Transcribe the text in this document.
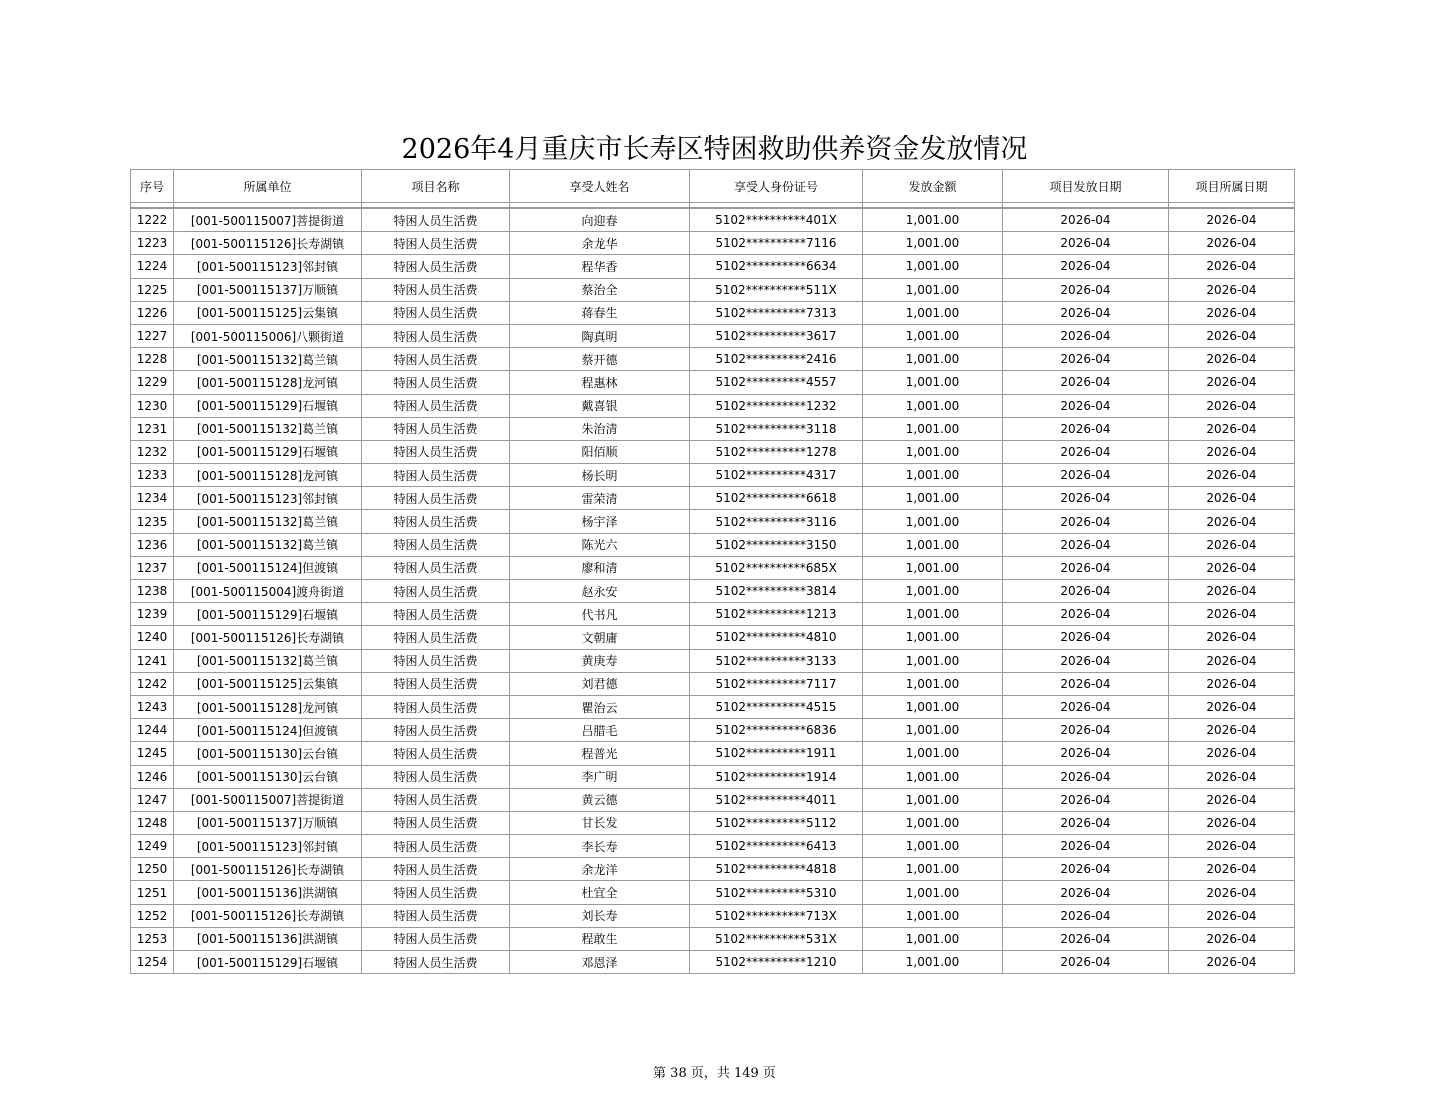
2026年4月重庆市长寿区特困救助供养资金发放情况
序号	所属单位	项目名称	享受人姓名	享受人身份证号	发放金额	项目发放日期	项目所属日期

1222	[001-500115007]菩提街道	特困人员生活费	向迎春	5102**********401X	1,001.00	2026-04	2026-04
1223	[001-500115126]长寿湖镇	特困人员生活费	余龙华	5102**********7116	1,001.00	2026-04	2026-04
1224	[001-500115123]邻封镇	特困人员生活费	程华香	5102**********6634	1,001.00	2026-04	2026-04
1225	[001-500115137]万顺镇	特困人员生活费	蔡治全	5102**********511X	1,001.00	2026-04	2026-04
1226	[001-500115125]云集镇	特困人员生活费	蒋春生	5102**********7313	1,001.00	2026-04	2026-04
1227	[001-500115006]八颗街道	特困人员生活费	陶真明	5102**********3617	1,001.00	2026-04	2026-04
1228	[001-500115132]葛兰镇	特困人员生活费	蔡开德	5102**********2416	1,001.00	2026-04	2026-04
1229	[001-500115128]龙河镇	特困人员生活费	程惠林	5102**********4557	1,001.00	2026-04	2026-04
1230	[001-500115129]石堰镇	特困人员生活费	戴喜银	5102**********1232	1,001.00	2026-04	2026-04
1231	[001-500115132]葛兰镇	特困人员生活费	朱治清	5102**********3118	1,001.00	2026-04	2026-04
1232	[001-500115129]石堰镇	特困人员生活费	阳佰顺	5102**********1278	1,001.00	2026-04	2026-04
1233	[001-500115128]龙河镇	特困人员生活费	杨长明	5102**********4317	1,001.00	2026-04	2026-04
1234	[001-500115123]邻封镇	特困人员生活费	雷荣清	5102**********6618	1,001.00	2026-04	2026-04
1235	[001-500115132]葛兰镇	特困人员生活费	杨宇泽	5102**********3116	1,001.00	2026-04	2026-04
1236	[001-500115132]葛兰镇	特困人员生活费	陈光六	5102**********3150	1,001.00	2026-04	2026-04
1237	[001-500115124]但渡镇	特困人员生活费	廖和清	5102**********685X	1,001.00	2026-04	2026-04
1238	[001-500115004]渡舟街道	特困人员生活费	赵永安	5102**********3814	1,001.00	2026-04	2026-04
1239	[001-500115129]石堰镇	特困人员生活费	代书凡	5102**********1213	1,001.00	2026-04	2026-04
1240	[001-500115126]长寿湖镇	特困人员生活费	文朝庸	5102**********4810	1,001.00	2026-04	2026-04
1241	[001-500115132]葛兰镇	特困人员生活费	黄庚寿	5102**********3133	1,001.00	2026-04	2026-04
1242	[001-500115125]云集镇	特困人员生活费	刘君德	5102**********7117	1,001.00	2026-04	2026-04
1243	[001-500115128]龙河镇	特困人员生活费	瞿治云	5102**********4515	1,001.00	2026-04	2026-04
1244	[001-500115124]但渡镇	特困人员生活费	吕腊毛	5102**********6836	1,001.00	2026-04	2026-04
1245	[001-500115130]云台镇	特困人员生活费	程普光	5102**********1911	1,001.00	2026-04	2026-04
1246	[001-500115130]云台镇	特困人员生活费	李广明	5102**********1914	1,001.00	2026-04	2026-04
1247	[001-500115007]菩提街道	特困人员生活费	黄云德	5102**********4011	1,001.00	2026-04	2026-04
1248	[001-500115137]万顺镇	特困人员生活费	甘长发	5102**********5112	1,001.00	2026-04	2026-04
1249	[001-500115123]邻封镇	特困人员生活费	李长寿	5102**********6413	1,001.00	2026-04	2026-04
1250	[001-500115126]长寿湖镇	特困人员生活费	余龙洋	5102**********4818	1,001.00	2026-04	2026-04
1251	[001-500115136]洪湖镇	特困人员生活费	杜宜全	5102**********5310	1,001.00	2026-04	2026-04
1252	[001-500115126]长寿湖镇	特困人员生活费	刘长寿	5102**********713X	1,001.00	2026-04	2026-04
1253	[001-500115136]洪湖镇	特困人员生活费	程敢生	5102**********531X	1,001.00	2026-04	2026-04
1254	[001-500115129]石堰镇	特困人员生活费	邓恩泽	5102**********1210	1,001.00	2026-04	2026-04
第 38 页，共 149 页
